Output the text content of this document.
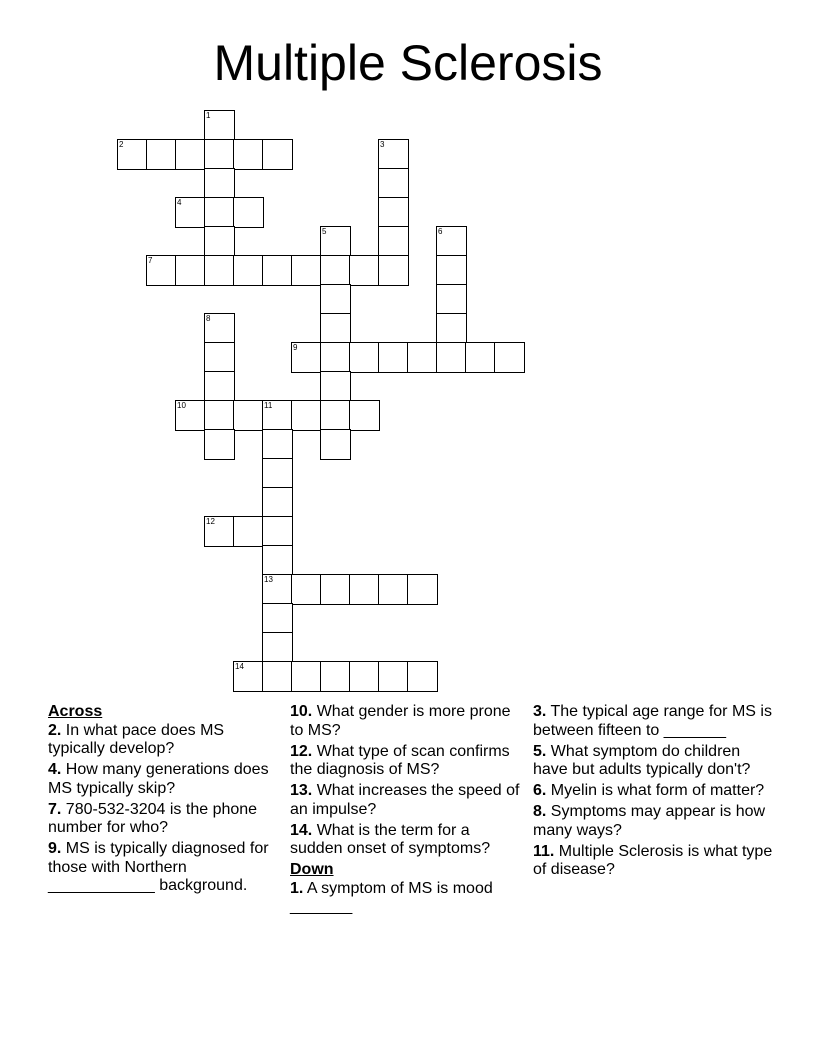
Multiple Sclerosis
1
2	3
4
5	6
7
8
9
10	11
12
13
14
Across
2. In what pace does MS typically develop?
4. How many generations does MS typically skip?
7. 780-532-3204 is the phone number for who?
9. MS is typically diagnosed for those with Northern ____________ background.
10. What gender is more prone to MS?
12. What type of scan confirms the diagnosis of MS?
13. What increases the speed of an impulse?
14. What is the term for a sudden onset of symptoms?
Down
1. A symptom of MS is mood _______
3. The typical age range for MS is between fifteen to _______
5. What symptom do children have but adults typically don't?
6. Myelin is what form of matter?
8. Symptoms may appear is how many ways?
11. Multiple Sclerosis is what type of disease?
